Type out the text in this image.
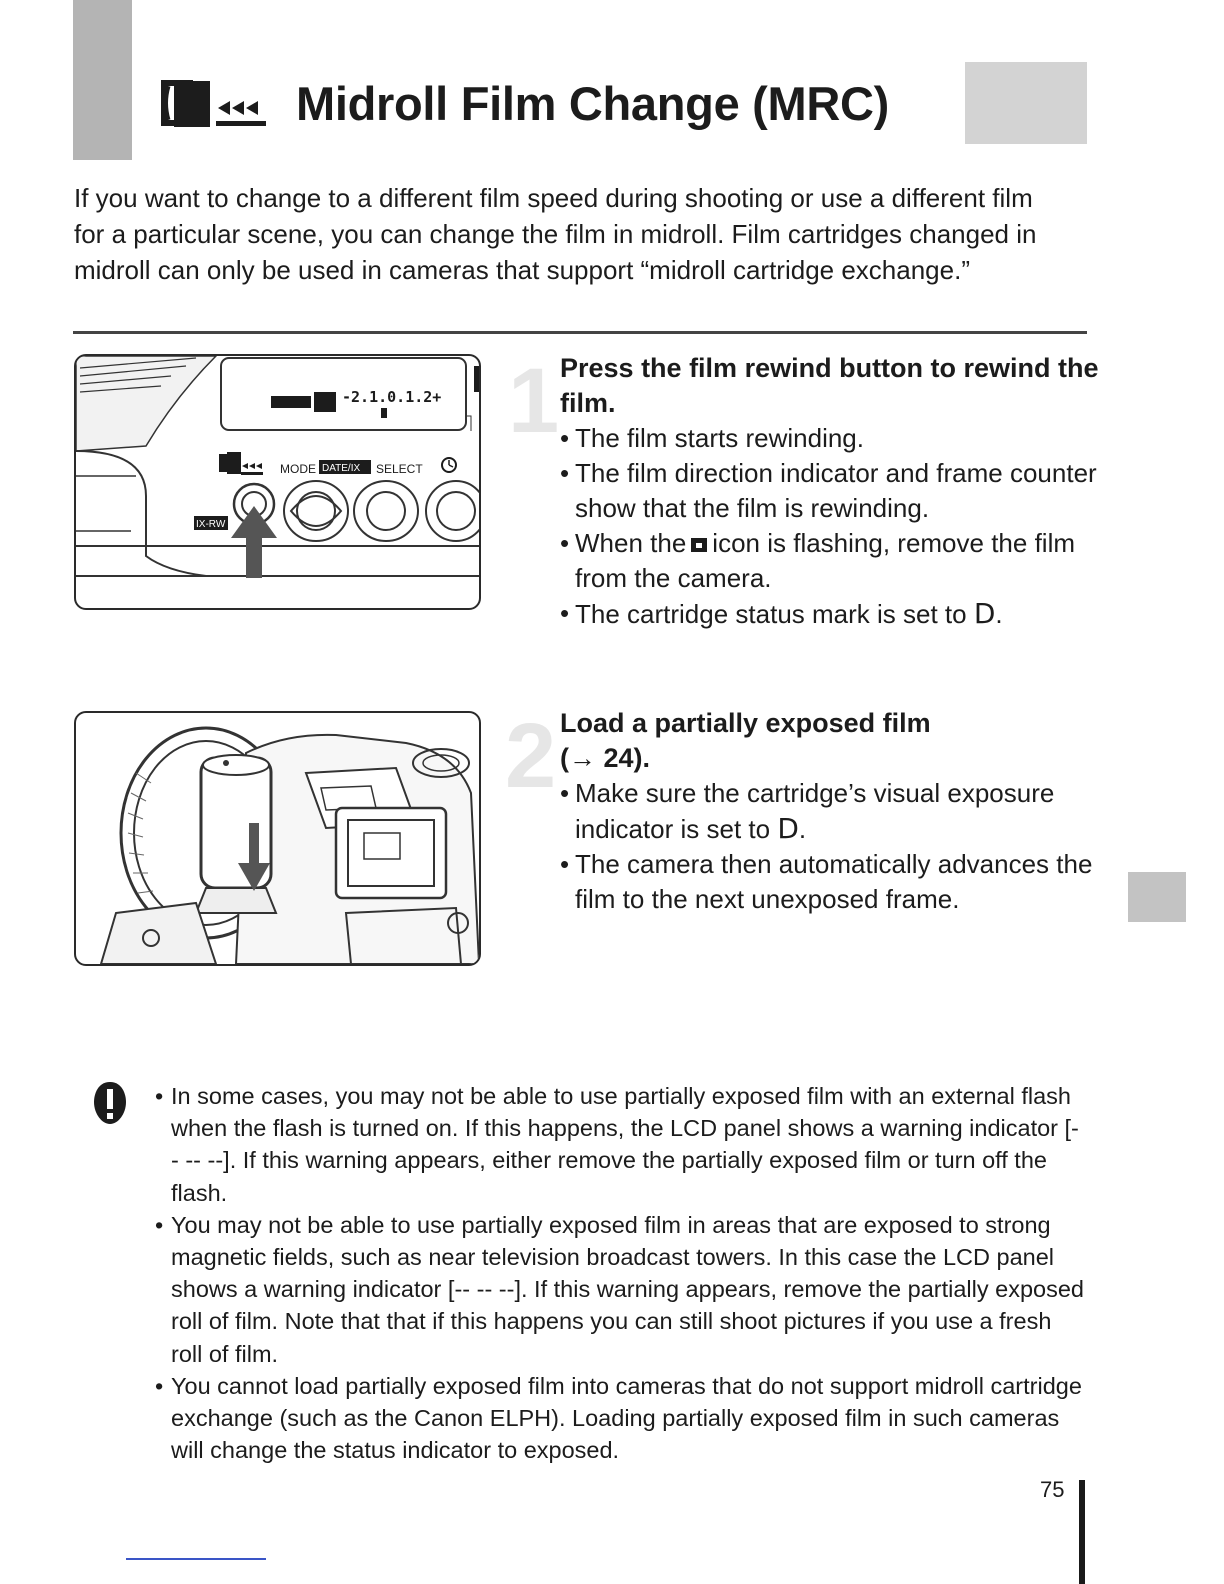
Midroll Film Change (MRC)
If you want to change to a different film speed during shooting or use a different film for a particular scene, you can change the film in midroll. Film cartridges changed in midroll can only be used in cameras that support “midroll cartridge exchange.”
-2.1.0.1.2+
MODE DATE/IX SELECT
IX-RW
1 Press the film rewind button to rewind the film.
• The film starts rewinding.
• The film direction indicator and frame counter show that the film is rewinding.
• When the icon is flashing, remove the film from the camera.
• The cartridge status mark is set to D.
2 Load a partially exposed film
(→ 24).
• Make sure the cartridge’s visual exposure indicator is set to D.
• The camera then automatically advances the film to the next unexposed frame.
• In some cases, you may not be able to use partially exposed film with an external flash when the flash is turned on. If this happens, the LCD panel shows a warning indicator [-- -- --]. If this warning appears, either remove the partially exposed film or turn off the flash.
• You may not be able to use partially exposed film in areas that are exposed to strong magnetic fields, such as near television broadcast towers. In this case the LCD panel shows a warning indicator [-- -- --]. If this warning appears, remove the partially exposed roll of film. Note that that if this happens you can still shoot pictures if you use a fresh roll of film.
• You cannot load partially exposed film into cameras that do not support midroll cartridge exchange (such as the Canon ELPH). Loading partially exposed film in such cameras will change the status indicator to exposed.
75
